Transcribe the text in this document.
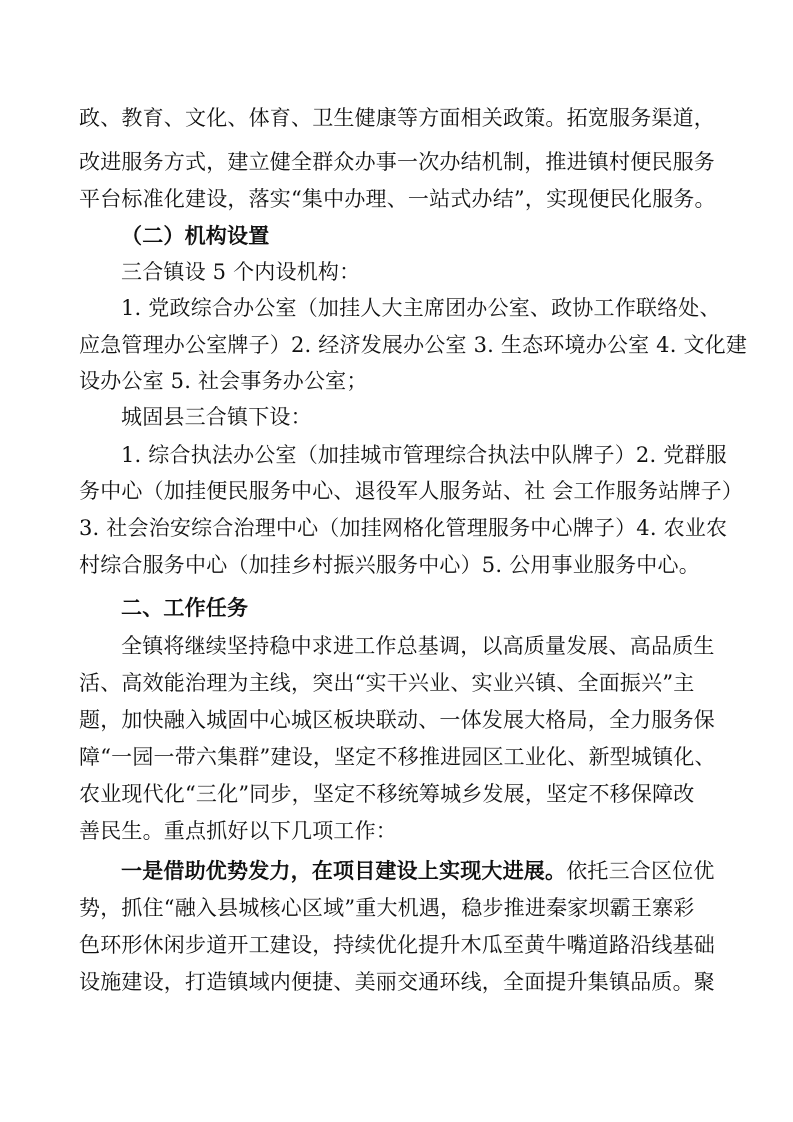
政、教育、文化、体育、卫生健康等方面相关政策。拓宽服务渠道，
改进服务方式，建立健全群众办事一次办结机制，推进镇村便民服务
平台标准化建设，落实“集中办理、一站式办结”，实现便民化服务。
（二）机构设置
三合镇设 5 个内设机构：
1. 党政综合办公室（加挂人大主席团办公室、政协工作联络处、
应急管理办公室牌子）2. 经济发展办公室 3. 生态环境办公室 4. 文化建
设办公室 5. 社会事务办公室；
城固县三合镇下设：
1. 综合执法办公室（加挂城市管理综合执法中队牌子）2. 党群服
务中心（加挂便民服务中心、退役军人服务站、社 会工作服务站牌子）
3. 社会治安综合治理中心（加挂网格化管理服务中心牌子）4. 农业农
村综合服务中心（加挂乡村振兴服务中心）5. 公用事业服务中心。
二、工作任务
全镇将继续坚持稳中求进工作总基调，以高质量发展、高品质生
活、高效能治理为主线，突出“实干兴业、实业兴镇、全面振兴”主
题，加快融入城固中心城区板块联动、一体发展大格局，全力服务保
障“一园一带六集群”建设，坚定不移推进园区工业化、新型城镇化、
农业现代化“三化”同步，坚定不移统筹城乡发展，坚定不移保障改
善民生。重点抓好以下几项工作：
一是借助优势发力，在项目建设上实现大进展。依托三合区位优
势，抓住“融入县城核心区域”重大机遇，稳步推进秦家坝霸王寨彩
色环形休闲步道开工建设，持续优化提升木瓜至黄牛嘴道路沿线基础
设施建设，打造镇域内便捷、美丽交通环线，全面提升集镇品质。聚
